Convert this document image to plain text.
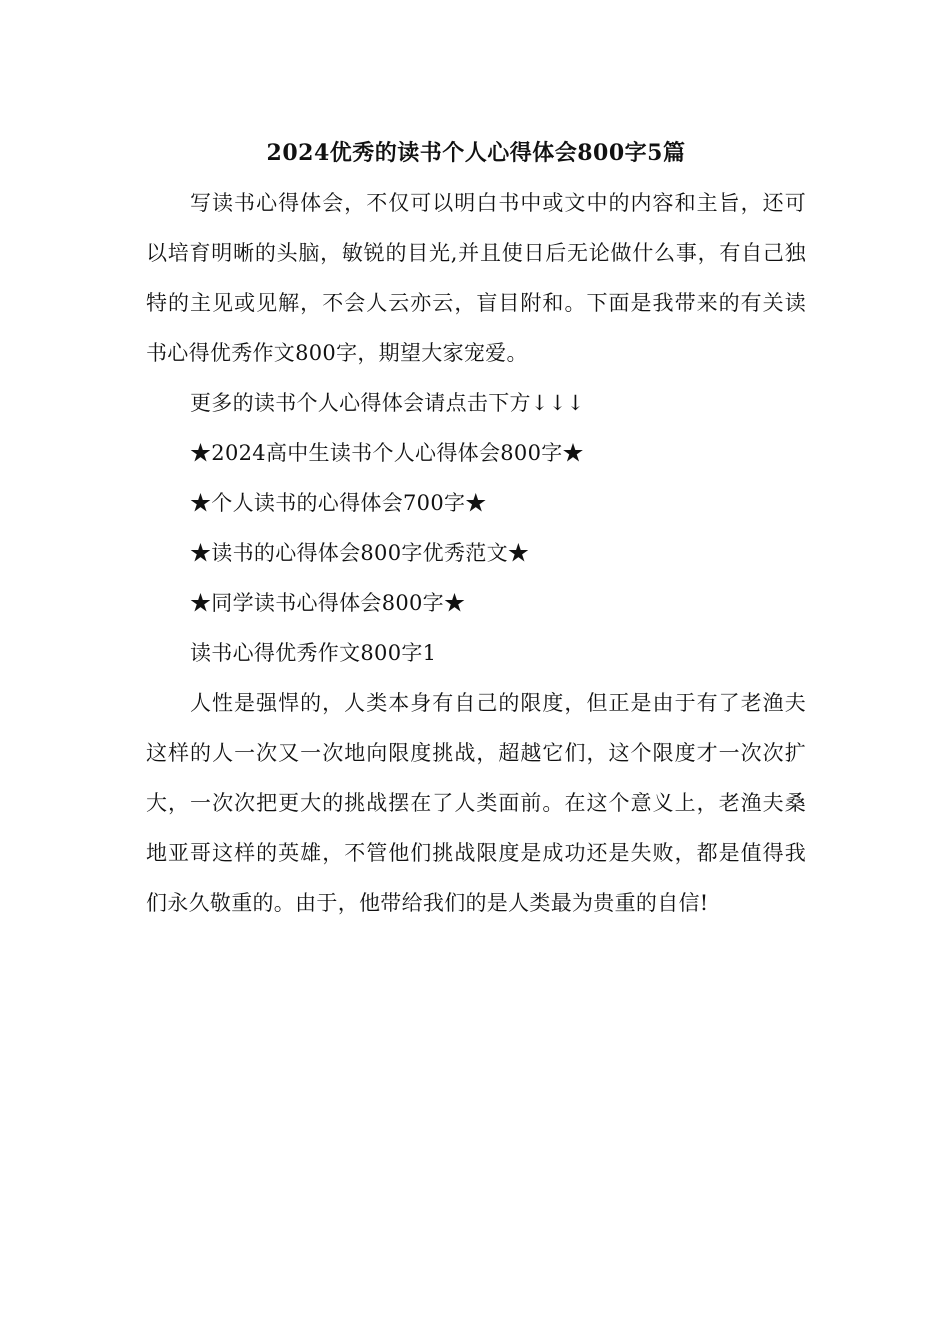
2024优秀的读书个人心得体会800字5篇

写读书心得体会，不仅可以明白书中或文中的内容和主旨，还可以培育明晰的头脑，敏锐的目光,并且使日后无论做什么事，有自己独特的主见或见解，不会人云亦云，盲目附和。下面是我带来的有关读书心得优秀作文800字，期望大家宠爱。

更多的读书个人心得体会请点击下方↓↓↓

★2024高中生读书个人心得体会800字★

★个人读书的心得体会700字★

★读书的心得体会800字优秀范文★

★同学读书心得体会800字★

读书心得优秀作文800字1

人性是强悍的，人类本身有自己的限度，但正是由于有了老渔夫这样的人一次又一次地向限度挑战，超越它们，这个限度才一次次扩大，一次次把更大的挑战摆在了人类面前。在这个意义上，老渔夫桑地亚哥这样的英雄，不管他们挑战限度是成功还是失败，都是值得我们永久敬重的。由于，他带给我们的是人类最为贵重的自信!
